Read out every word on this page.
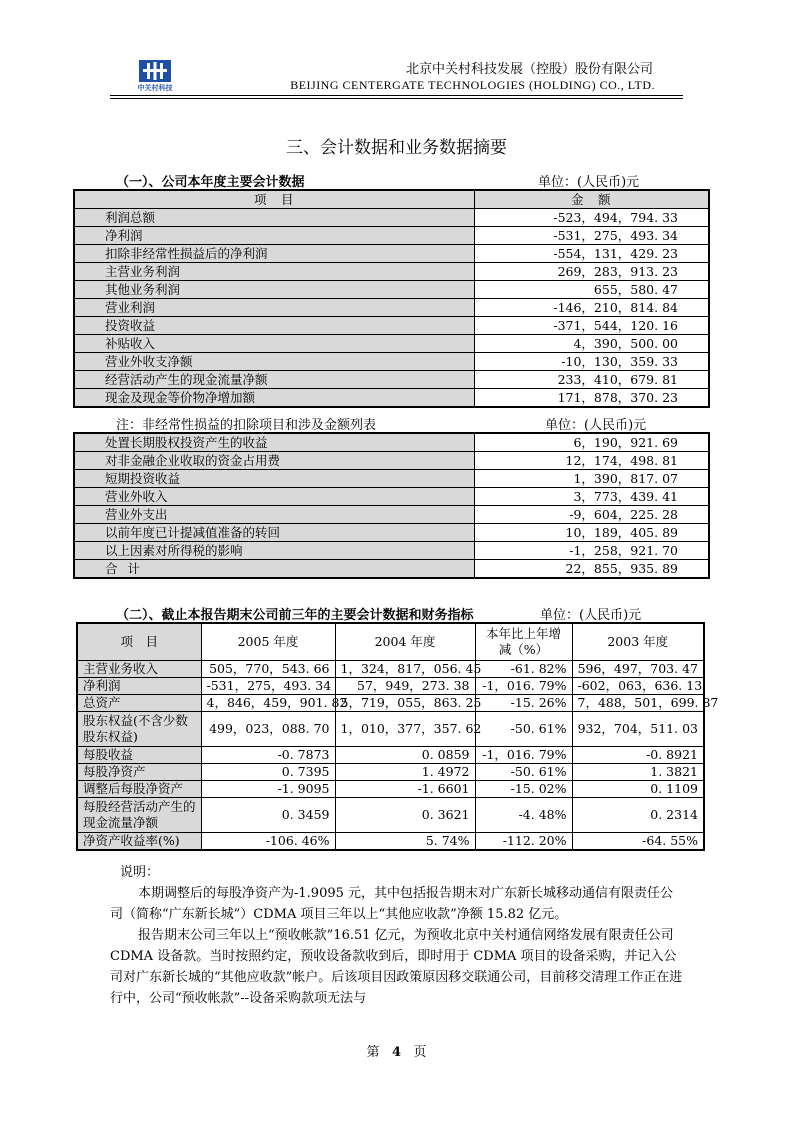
中关村科技
北京中关村科技发展（控股）股份有限公司
BEIJING CENTERGATE TECHNOLOGIES (HOLDING) CO., LTD.
三、会计数据和业务数据摘要
（一）、公司本年度主要会计数据	单位：(人民币)元
项　目	金　额
利润总额	-523，494，794. 33
净利润	-531，275，493. 34
扣除非经常性损益后的净利润	-554，131，429. 23
主营业务利润	269，283，913. 23
其他业务利润	655，580. 47
营业利润	-146，210，814. 84
投资收益	-371，544，120. 16
补贴收入	4，390，500. 00
营业外收支净额	-10，130，359. 33
经营活动产生的现金流量净额	233，410，679. 81
现金及现金等价物净增加额	171，878，370. 23
注：非经常性损益的扣除项目和涉及金额列表	单位：(人民币)元
处置长期股权投资产生的收益	6，190，921. 69
对非金融企业收取的资金占用费	12，174，498. 81
短期投资收益	1，390，817. 07
营业外收入	3，773，439. 41
营业外支出	-9，604，225. 28
以前年度已计提减值准备的转回	10，189，405. 89
以上因素对所得税的影响	-1，258，921. 70
合计	22，855，935. 89
（二）、截止本报告期末公司前三年的主要会计数据和财务指标	单位：(人民币)元
项　目	2005 年度	2004 年度	本年比上年增减（%）	2003 年度
主营业务收入	505，770，543. 66	1，324，817，056. 45	-61. 82%	596，497，703. 47
净利润	-531，275，493. 34	57，949，273. 38	-1，016. 79%	-602，063，636. 13
总资产	4，846，459，901. 82	5，719，055，863. 25	-15. 26%	7，488，501，699. 87
股东权益(不含少数股东权益)	499，023，088. 70	1，010，377，357. 62	-50. 61%	932，704，511. 03
每股收益	-0. 7873	0. 0859	-1，016. 79%	-0. 8921
每股净资产	0. 7395	1. 4972	-50. 61%	1. 3821
调整后每股净资产	-1. 9095	-1. 6601	-15. 02%	0. 1109
每股经营活动产生的现金流量净额	0. 3459	0. 3621	-4. 48%	0. 2314
净资产收益率(%)	-106. 46%	5. 74%	-112. 20%	-64. 55%
说明：

本期调整后的每股净资产为-1.9095 元，其中包括报告期末对广东新长城移动通信有限责任公司（简称“广东新长城”）CDMA 项目三年以上“其他应收款”净额 15.82 亿元。

报告期末公司三年以上“预收帐款”16.51 亿元，为预收北京中关村通信网络发展有限责任公司 CDMA 设备款。当时按照约定，预收设备款收到后，即时用于 CDMA 项目的设备采购，并记入公司对广东新长城的“其他应收款”帐户。后该项目因政策原因移交联通公司，目前移交清理工作正在进行中，公司“预收帐款”--设备采购款项无法与

第 4 页
